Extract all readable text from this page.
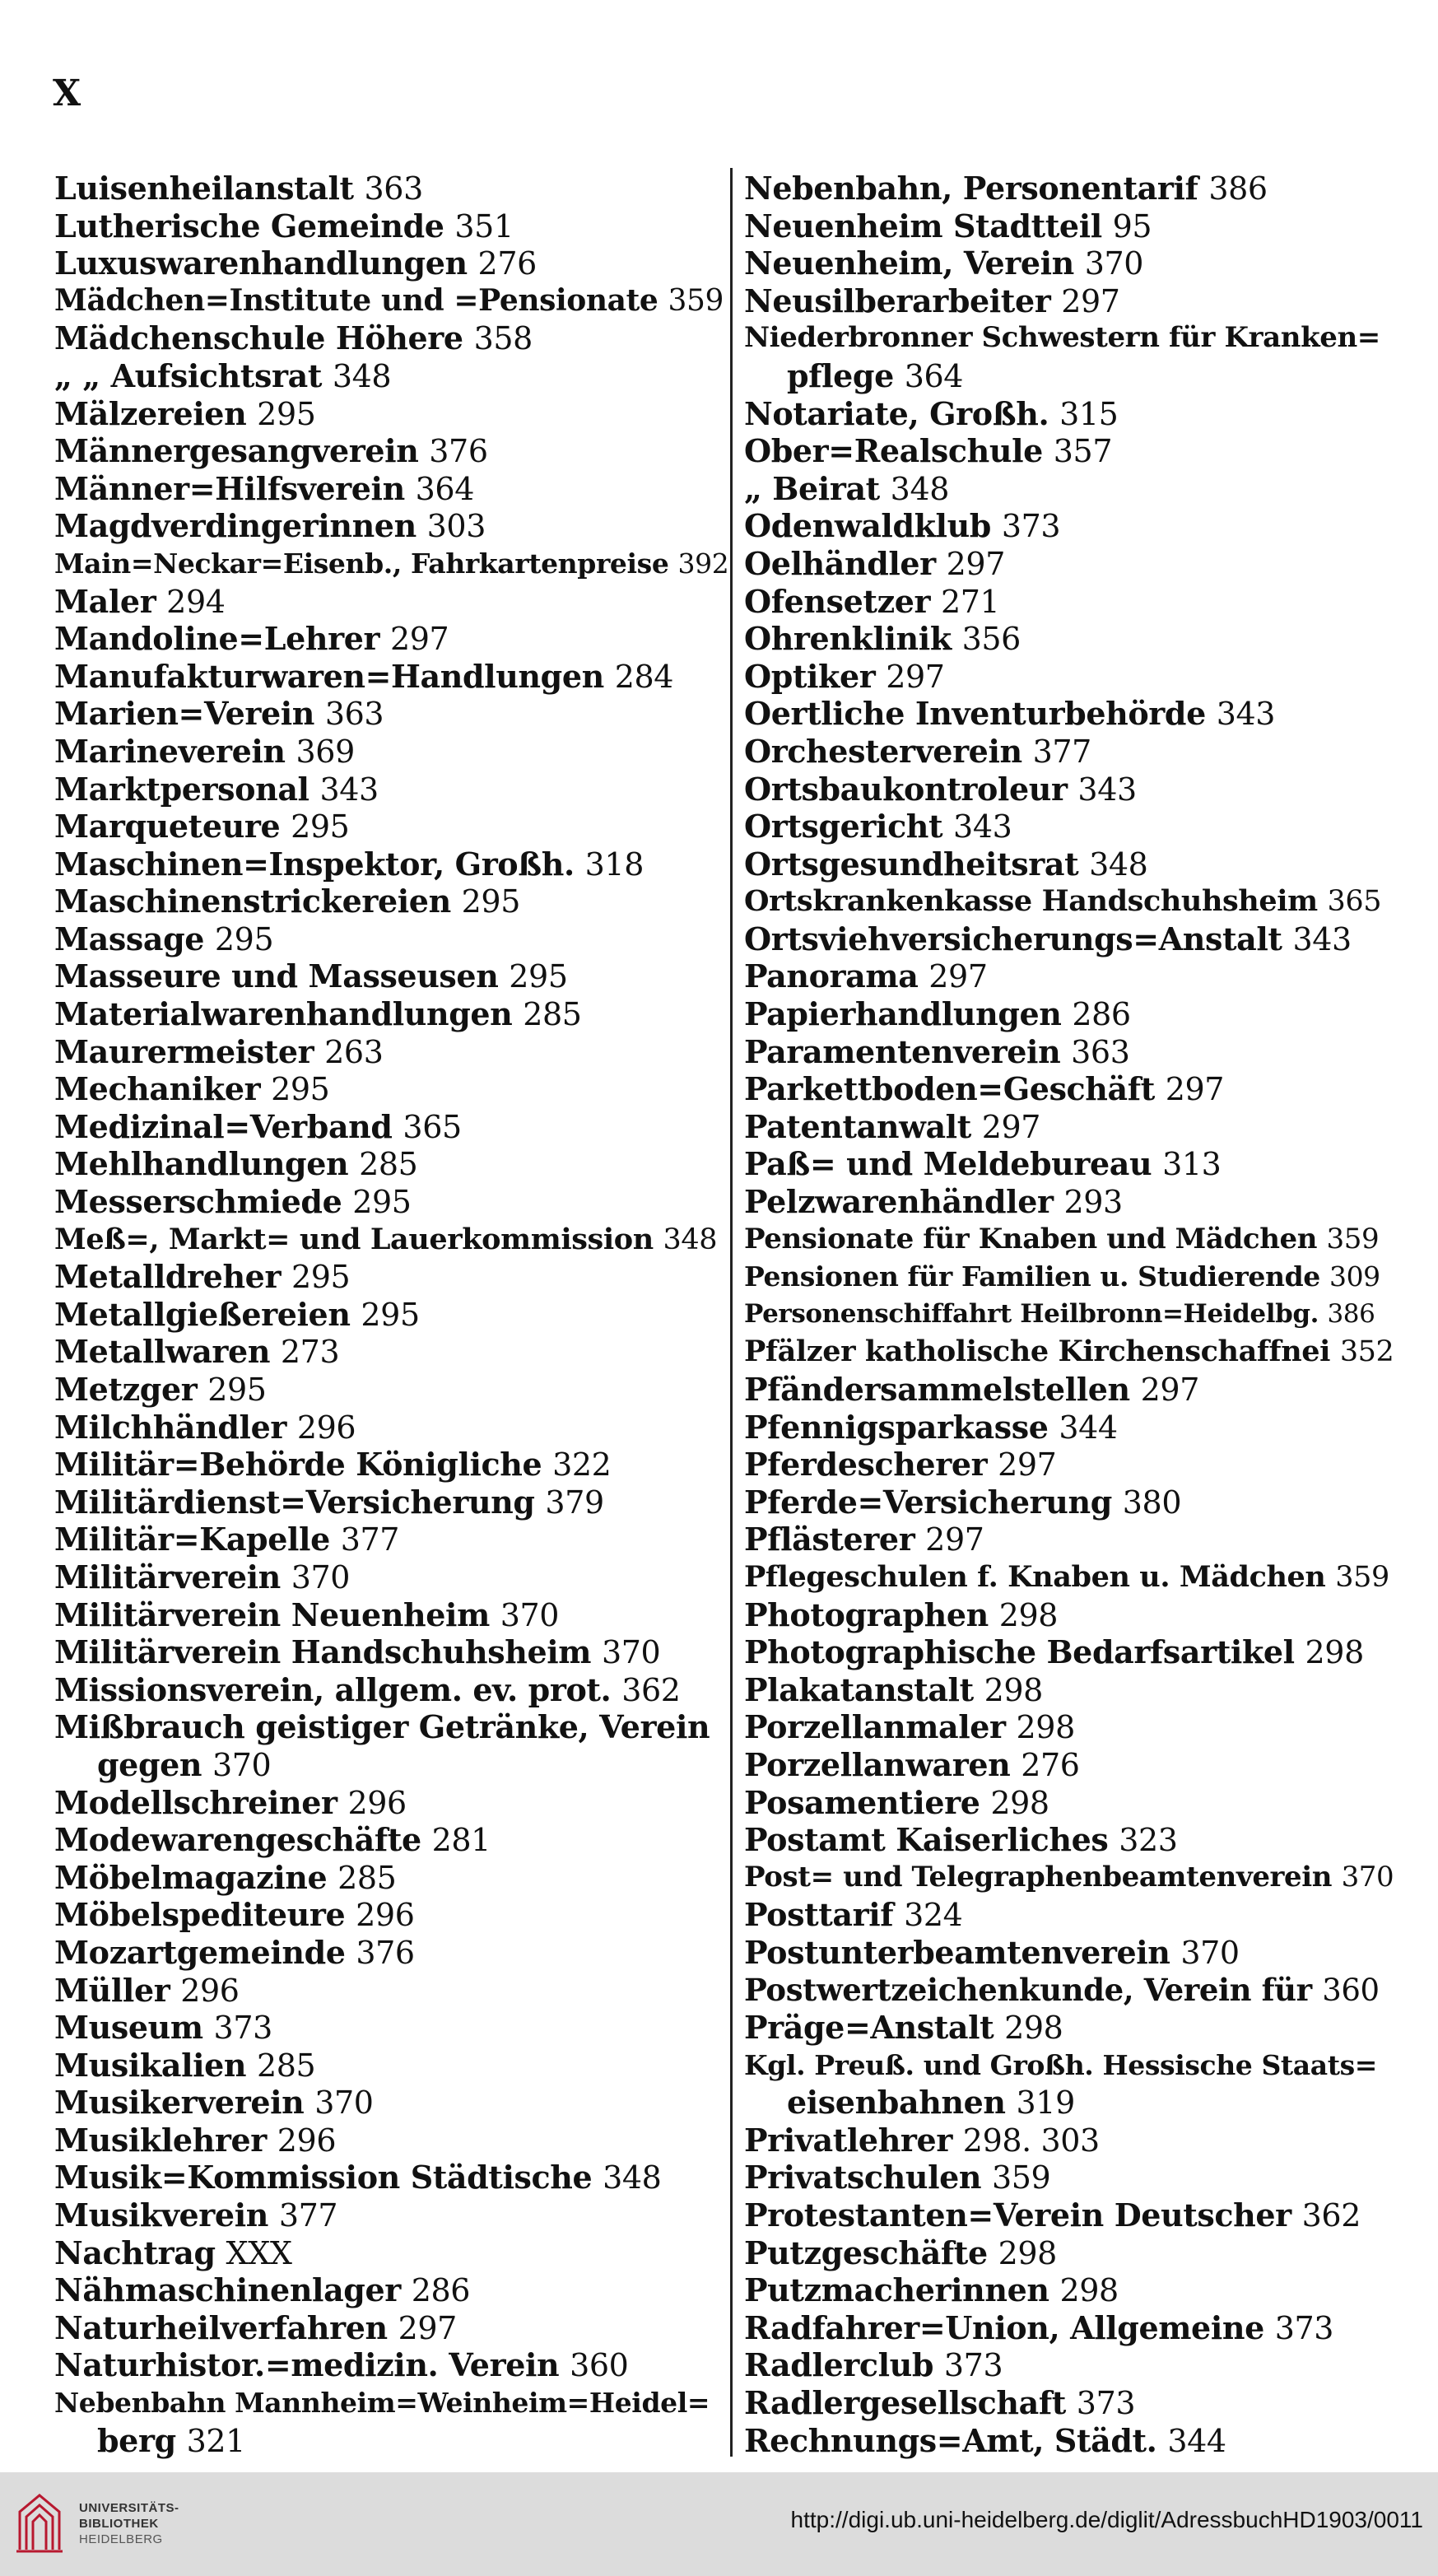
X
Luisenheilanstalt 363
Lutherische Gemeinde 351
Luxuswarenhandlungen 276
Mädchen=Institute und =Pensionate 359
Mädchenschule Höhere 358
„ „ Aufsichtsrat 348
Mälzereien 295
Männergesangverein 376
Männer=Hilfsverein 364
Magdverdingerinnen 303
Main=Neckar=Eisenb., Fahrkartenpreise 392
Maler 294
Mandoline=Lehrer 297
Manufakturwaren=Handlungen 284
Marien=Verein 363
Marineverein 369
Marktpersonal 343
Marqueteure 295
Maschinen=Inspektor, Großh. 318
Maschinenstrickereien 295
Massage 295
Masseure und Masseusen 295
Materialwarenhandlungen 285
Maurermeister 263
Mechaniker 295
Medizinal=Verband 365
Mehlhandlungen 285
Messerschmiede 295
Meß=, Markt= und Lauerkommission 348
Metalldreher 295
Metallgießereien 295
Metallwaren 273
Metzger 295
Milchhändler 296
Militär=Behörde Königliche 322
Militärdienst=Versicherung 379
Militär=Kapelle 377
Militärverein 370
Militärverein Neuenheim 370
Militärverein Handschuhsheim 370
Missionsverein, allgem. ev. prot. 362
Mißbrauch geistiger Getränke, Verein
gegen 370
Modellschreiner 296
Modewarengeschäfte 281
Möbelmagazine 285
Möbelspediteure 296
Mozartgemeinde 376
Müller 296
Museum 373
Musikalien 285
Musikerverein 370
Musiklehrer 296
Musik=Kommission Städtische 348
Musikverein 377
Nachtrag XXX
Nähmaschinenlager 286
Naturheilverfahren 297
Naturhistor.=medizin. Verein 360
Nebenbahn Mannheim=Weinheim=Heidel=
berg 321
Nebenbahn, Personentarif 386
Neuenheim Stadtteil 95
Neuenheim, Verein 370
Neusilberarbeiter 297
Niederbronner Schwestern für Kranken=
pflege 364
Notariate, Großh. 315
Ober=Realschule 357
„ Beirat 348
Odenwaldklub 373
Oelhändler 297
Ofensetzer 271
Ohrenklinik 356
Optiker 297
Oertliche Inventurbehörde 343
Orchesterverein 377
Ortsbaukontroleur 343
Ortsgericht 343
Ortsgesundheitsrat 348
Ortskrankenkasse Handschuhsheim 365
Ortsviehversicherungs=Anstalt 343
Panorama 297
Papierhandlungen 286
Paramentenverein 363
Parkettboden=Geschäft 297
Patentanwalt 297
Paß= und Meldebureau 313
Pelzwarenhändler 293
Pensionate für Knaben und Mädchen 359
Pensionen für Familien u. Studierende 309
Personenschiffahrt Heilbronn=Heidelbg. 386
Pfälzer katholische Kirchenschaffnei 352
Pfändersammelstellen 297
Pfennigsparkasse 344
Pferdescherer 297
Pferde=Versicherung 380
Pflästerer 297
Pflegeschulen f. Knaben u. Mädchen 359
Photographen 298
Photographische Bedarfsartikel 298
Plakatanstalt 298
Porzellanmaler 298
Porzellanwaren 276
Posamentiere 298
Postamt Kaiserliches 323
Post= und Telegraphenbeamtenverein 370
Posttarif 324
Postunterbeamtenverein 370
Postwertzeichenkunde, Verein für 360
Präge=Anstalt 298
Kgl. Preuß. und Großh. Hessische Staats=
eisenbahnen 319
Privatlehrer 298. 303
Privatschulen 359
Protestanten=Verein Deutscher 362
Putzgeschäfte 298
Putzmacherinnen 298
Radfahrer=Union, Allgemeine 373
Radlerclub 373
Radlergesellschaft 373
Rechnungs=Amt, Städt. 344
UNIVERSITÄTS-
BIBLIOTHEK
HEIDELBERG
http://digi.ub.uni-heidelberg.de/diglit/AdressbuchHD1903/0011
